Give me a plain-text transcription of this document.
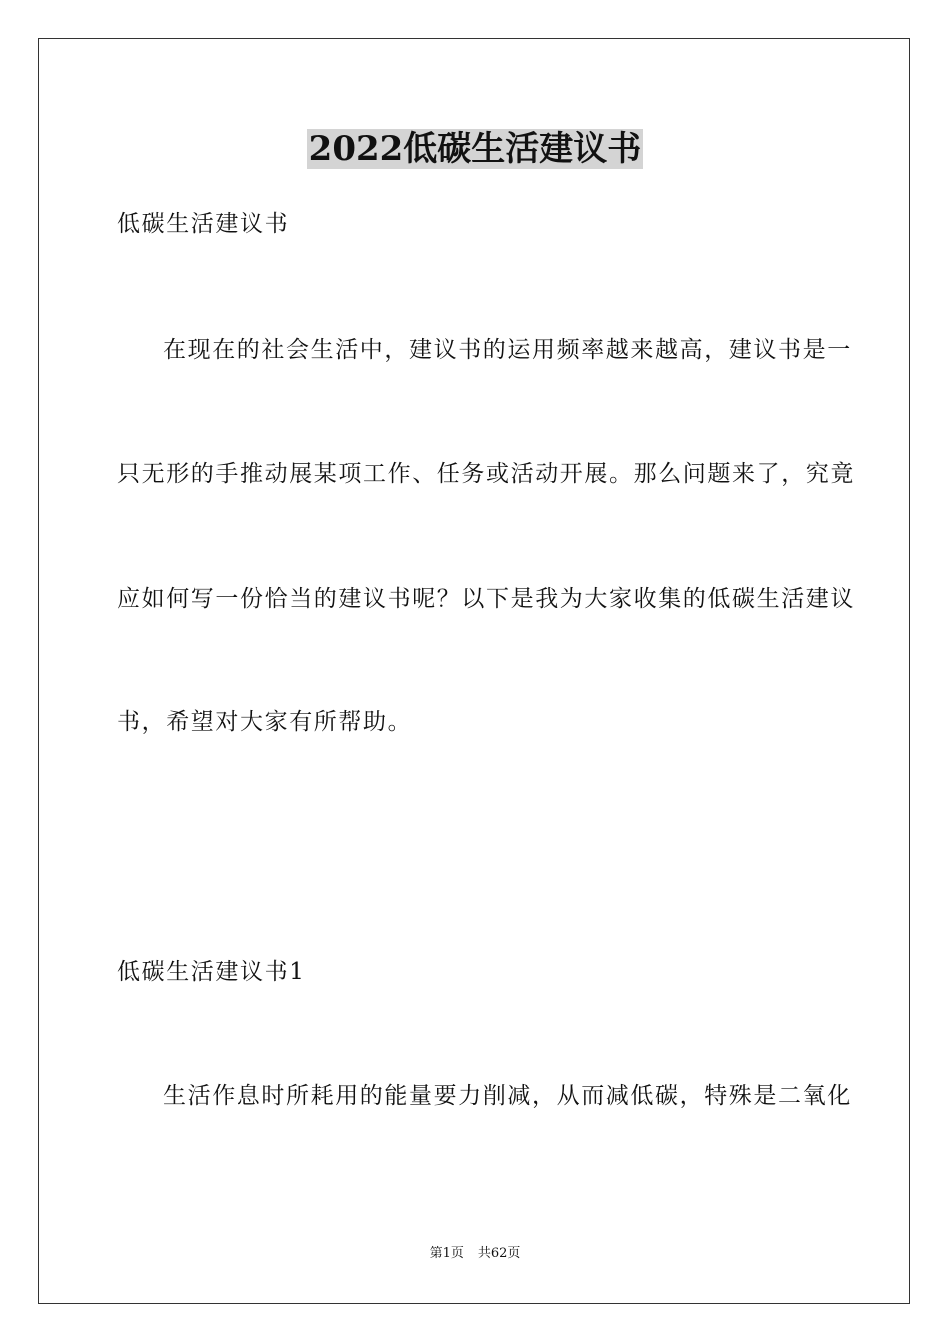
2022低碳生活建议书
低碳生活建议书
在现在的社会生活中，建议书的运用频率越来越高，建议书是一
只无形的手推动展某项工作、任务或活动开展。那么问题来了，究竟
应如何写一份恰当的建议书呢？以下是我为大家收集的低碳生活建议
书，希望对大家有所帮助。
低碳生活建议书1
生活作息时所耗用的能量要力削减，从而减低碳，特殊是二氧化
第1页 共62页
